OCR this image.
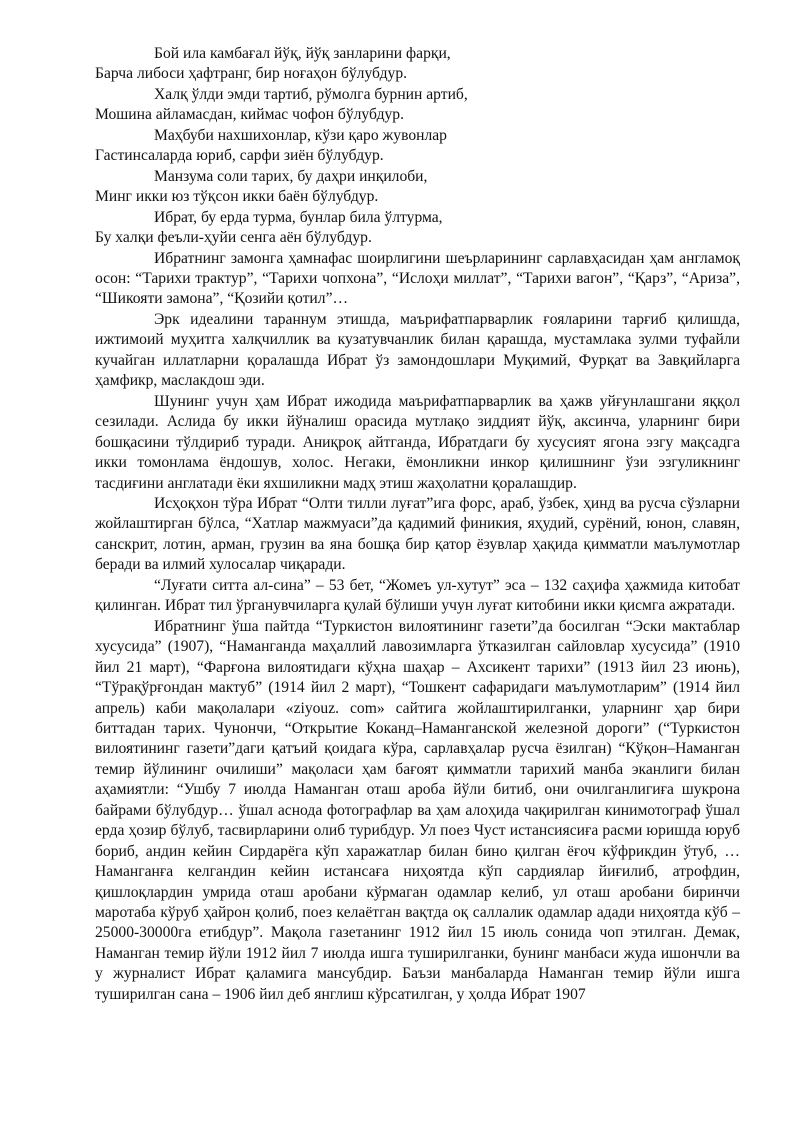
Бой ила камбағал йўқ, йўқ занларини фарқи,

Барча либоси ҳафтранг, бир ноғаҳон бўлубдур.

Халқ ўлди эмди тартиб, рўмолга бурнин артиб,

Мошина айламасдан, киймас чофон бўлубдур.

Маҳбуби нахшихонлар, кўзи қаро жувонлар

Гастинсаларда юриб, сарфи зиён бўлубдур.

Манзума соли тарих, бу даҳри инқилоби,

Минг икки юз тўқсон икки баён бўлубдур.

Ибрат, бу ерда турма, бунлар била ўлтурма,

Бу халқи феъли-ҳуйи сенга аён бўлубдур.

Ибратнинг замонга ҳамнафас шоирлигини шеърларининг сарлавҳасидан ҳам англамоқ осон: “Тарихи трактур”, “Тарихи чопхона”, “Ислоҳи миллат”, “Тарихи вагон”, “Қарз”, “Ариза”, “Шикояти замона”, “Қозийи қотил”…

Эрк идеалини тараннум этишда, маърифатпарварлик ғояларини тарғиб қилишда, ижтимоий муҳитга халқчиллик ва кузатувчанлик билан қарашда, мустамлака зулми туфайли кучайган иллатларни қоралашда Ибрат ўз замондошлари Муқимий, Фурқат ва Завқийларга ҳамфикр, маслакдош эди.

Шунинг учун ҳам Ибрат ижодида маърифатпарварлик ва ҳажв уйғунлашгани яққол сезилади. Аслида бу икки йўналиш орасида мутлақо зиддият йўқ, аксинча, уларнинг бири бошқасини тўлдириб туради. Аниқроқ айтганда, Ибратдаги бу хусусият ягона эзгу мақсадга икки томонлама ёндошув, холос. Негаки, ёмонликни инкор қилишнинг ўзи эзгуликнинг тасдиғини англатади ёки яхшиликни мадҳ этиш жаҳолатни қоралашдир.

Исҳоқхон тўра Ибрат “Олти тилли луғат”ига форс, араб, ўзбек, ҳинд ва русча сўзларни жойлаштирган бўлса, “Хатлар мажмуаси”да қадимий финикия, яҳудий, сурёний, юнон, славян, санскрит, лотин, арман, грузин ва яна бошқа бир қатор ёзувлар ҳақида қимматли маълумотлар беради ва илмий хулосалар чиқаради.

“Луғати ситта ал-сина” – 53 бет, “Жомеъ ул-хутут” эса – 132 саҳифа ҳажмида китобат қилинган. Ибрат тил ўрганувчиларга қулай бўлиши учун луғат китобини икки қисмга ажратади.

Ибратнинг ўша пайтда “Туркистон вилоятининг газети”да босилган “Эски мактаблар хусусида” (1907), “Наманганда маҳаллий лавозимларга ўтказилган сайловлар хусусида” (1910 йил 21 март), “Фарғона вилоятидаги кўҳна шаҳар – Ахсикент тарихи” (1913 йил 23 июнь), “Тўрақўрғондан мактуб” (1914 йил 2 март), “Тошкент сафаридаги маълумотларим” (1914 йил апрель) каби мақолалари «ziyouz. com» сайтига жойлаштирилганки, уларнинг ҳар бири биттадан тарих. Чунончи, “Открытие Коканд–Наманганской железной дороги” (“Туркистон вилоятининг газети”даги қатъий қоидага кўра, сарлавҳалар русча ёзилган) “Кўқон–Наманган темир йўлининг очилиши” мақоласи ҳам бағоят қимматли тарихий манба эканлиги билан аҳамиятли: “Ушбу 7 июлда Наманган оташ ароба йўли битиб, они очилганлигиға шукрона байрами бўлубдур… ўшал аснода фотографлар ва ҳам алоҳида чақирилган кинимотограф ўшал ерда ҳозир бўлуб, тасвирларини олиб турибдур. Ул поез Чуст истансиясиға расми юришда юруб бориб, андин кейин Сирдарёга кўп харажатлар билан бино қилган ёғоч кўфрикдин ўтуб, …Наманганға келгандин кейин истансаға ниҳоятда кўп сардиялар йиғилиб, атрофдин, қишлоқлардин умрида оташ аробани кўрмаган одамлар келиб, ул оташ аробани биринчи маротаба кўруб ҳайрон қолиб, поез келаётган вақтда оқ саллалик одамлар адади ниҳоятда кўб – 25000-30000га етибдур”. Мақола газетанинг 1912 йил 15 июль сонида чоп этилган. Демак, Наманган темир йўли 1912 йил 7 июлда ишга туширилганки, бунинг манбаси жуда ишончли ва у журналист Ибрат қаламига мансубдир. Баъзи манбаларда Наманган темир йўли ишга туширилган сана – 1906 йил деб янглиш кўрсатилган, у ҳолда Ибрат 1907
